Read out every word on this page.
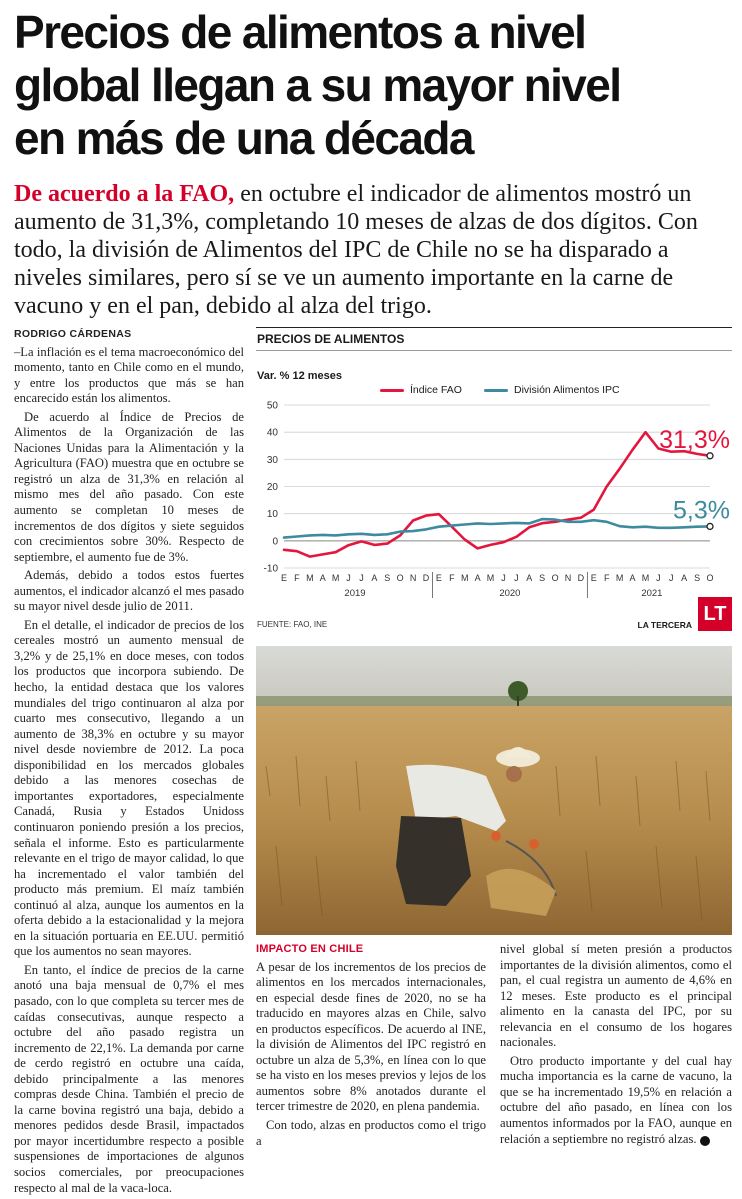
Precios de alimentos a nivel
global llegan a su mayor nivel
en más de una década
De acuerdo a la FAO, en octubre el indicador de alimentos mostró un aumento de 31,3%, completando 10 meses de alzas de dos dígitos. Con todo, la división de Alimentos del IPC de Chile no se ha disparado a niveles similares, pero sí se ve un aumento importante en la carne de vacuno y en el pan, debido al alza del trigo.
RODRIGO CÁRDENAS

–La inflación es el tema macroeconómico del momento, tanto en Chile como en el mundo, y entre los productos que más se han encarecido están los alimentos.

De acuerdo al Índice de Precios de Alimentos de la Organización de las Naciones Unidas para la Alimentación y la Agricultura (FAO) muestra que en octubre se registró un alza de 31,3% en relación al mismo mes del año pasado. Con este aumento se completan 10 meses de incrementos de dos dígitos y siete seguidos con crecimientos sobre 30%. Respecto de septiembre, el aumento fue de 3%.

Además, debido a todos estos fuertes aumentos, el indicador alcanzó el mes pasado su mayor nivel desde julio de 2011.

En el detalle, el indicador de precios de los cereales mostró un aumento mensual de 3,2% y de 25,1% en doce meses, con todos los productos que incorpora subiendo. De hecho, la entidad destaca que los valores mundiales del trigo continuaron al alza por cuarto mes consecutivo, llegando a un aumento de 38,3% en octubre y su mayor nivel desde noviembre de 2012. La poca disponibilidad en los mercados globales debido a las menores cosechas de importantes exportadores, especialmente Canadá, Rusia y Estados Unidoss continuaron poniendo presión a los precios, señala el informe. Esto es particularmente relevante en el trigo de mayor calidad, lo que ha incrementado el valor también del producto más premium. El maíz también continuó al alza, aunque los aumentos en la oferta debido a la estacionalidad y la mejora en la situación portuaria en EE.UU. permitió que los aumentos no sean mayores.

En tanto, el índice de precios de la carne anotó una baja mensual de 0,7% el mes pasado, con lo que completa su tercer mes de caídas consecutivas, aunque respecto a octubre del año pasado registra un incremento de 22,1%. La demanda por carne de cerdo registró en octubre una caída, debido principalmente a las menores compras desde China. También el precio de la carne bovina registró una baja, debido a menores pedidos desde Brasil, impactados por mayor incertidumbre respecto a posible suspensiones de importaciones de algunos socios comerciales, por preocupaciones respecto al mal de la vaca-loca.

PRECIOS DE ALIMENTOS
Var. % 12 meses
Índice FAO	División Alimentos IPC
-10
0
10
20
30
40
50
E F M A M J J A S O N D E F M A M J J A S O N D E F M A M J J A S O
2019	2020	2021
31,3%
5,3%
FUENTE: FAO, INE	LA TERCERA LT
IMPACTO EN CHILE

A pesar de los incrementos de los precios de alimentos en los mercados internacionales, en especial desde fines de 2020, no se ha traducido en mayores alzas en Chile, salvo en productos específicos. De acuerdo al INE, la división de Alimentos del IPC registró en octubre un alza de 5,3%, en línea con lo que se ha visto en los meses previos y lejos de los aumentos sobre 8% anotados durante el tercer trimestre de 2020, en plena pandemia.

Con todo, alzas en productos como el trigo a

nivel global sí meten presión a productos importantes de la división alimentos, como el pan, el cual registra un aumento de 4,6% en 12 meses. Este producto es el principal alimento en la canasta del IPC, por su relevancia en el consumo de los hogares nacionales.

Otro producto importante y del cual hay mucha importancia es la carne de vacuno, la que se ha incrementado 19,5% en relación a octubre del año pasado, en línea con los aumentos informados por la FAO, aunque en relación a septiembre no registró alzas. P
